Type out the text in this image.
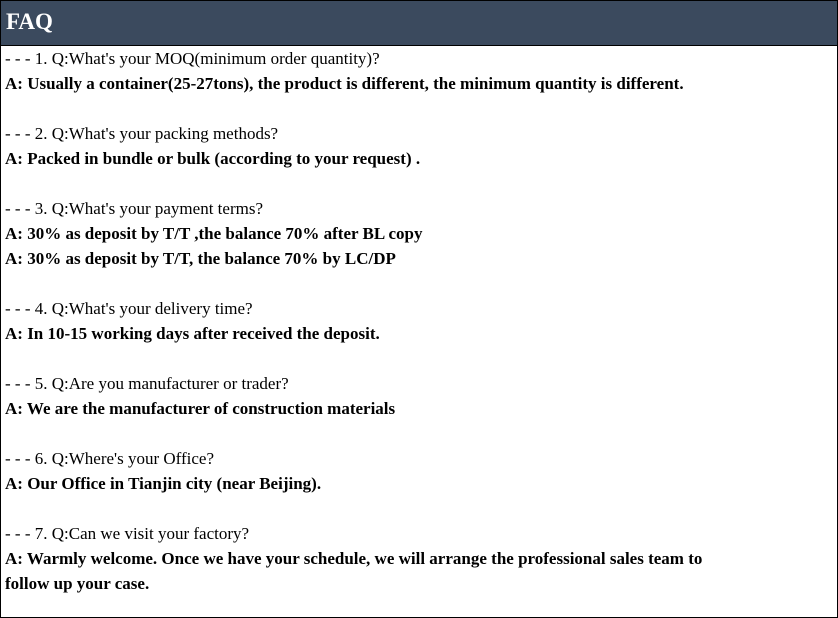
FAQ
- - - 1. Q:What's your MOQ(minimum order quantity)?
A: Usually a container(25-27tons), the product is different, the minimum quantity is different.
- - - 2. Q:What's your packing methods?
A: Packed in bundle or bulk (according to your request) .
- - - 3. Q:What's your payment terms?
A: 30% as deposit by T/T ,the balance 70% after BL copy
A: 30% as deposit by T/T, the balance 70% by LC/DP
- - - 4. Q:What's your delivery time?
A: In 10-15 working days after received the deposit.
- - - 5. Q:Are you manufacturer or trader?
A: We are the manufacturer of construction materials
- - - 6. Q:Where's your Office?
A: Our Office in Tianjin city (near Beijing).
- - - 7. Q:Can we visit your factory?
A: Warmly welcome. Once we have your schedule, we will arrange the professional sales team to
follow up your case.
